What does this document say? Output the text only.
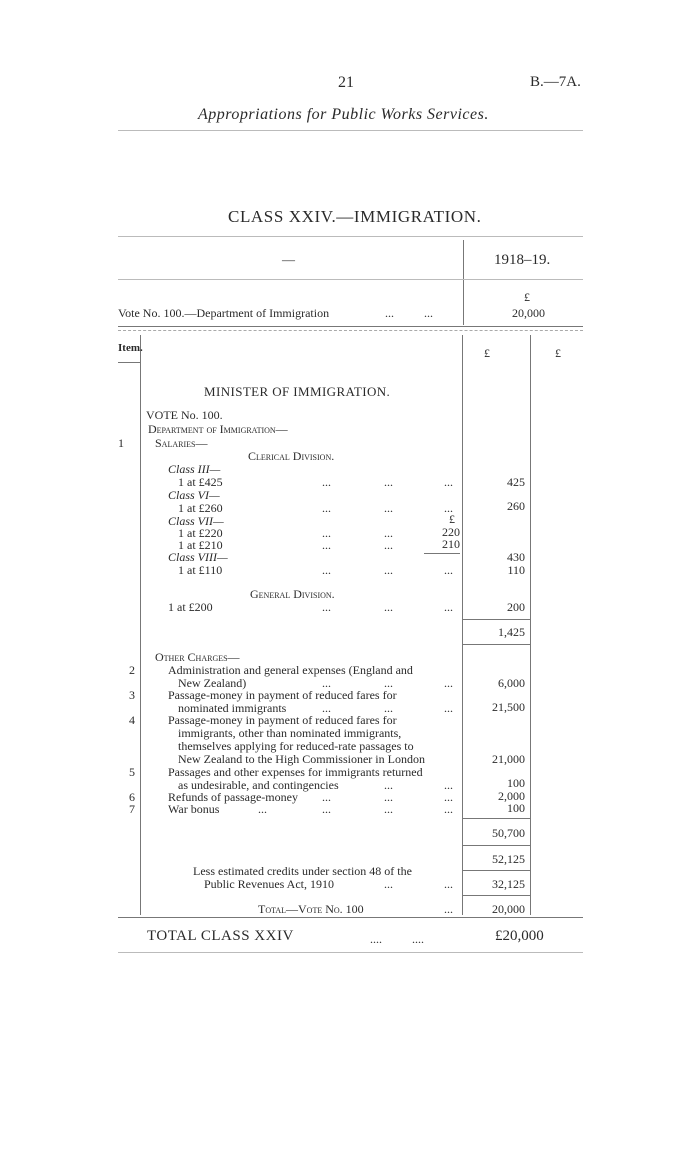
21	B.—7A.
Appropriations for Public Works Services.
CLASS XXIV.—IMMIGRATION.
—	1918–19.
£
Vote No. 100.—Department of Immigration	...          ...	20,000
Item.	£	£
MINISTER OF IMMIGRATION.
VOTE No. 100.
Department of Immigration—
1	Salaries—
Clerical Division.
Class III—
1 at £425	...	...	...	425
Class VI—
1 at £260	...	...	...	260
Class VII—	£
1 at £220	...	...	220
1 at £210	...	...	210
Class VIII—	430
1 at £110	...	...	...	110
General Division.
1 at £200	...	...	...	200
1,425
Other Charges—
2	Administration and general expenses (England and
New Zealand)	...	...	...	6,000
3	Passage-money in payment of reduced fares for
nominated immigrants	...	...	...	21,500
4	Passage-money in payment of reduced fares for
immigrants, other than nominated immigrants,
themselves applying for reduced-rate passages to
New Zealand to the High Commissioner in London	21,000
5	Passages and other expenses for immigrants returned
as undesirable, and contingencies	...	...	100
6	Refunds of passage-money ...	...	...	2,000
7	War bonus	...	...	...	...	100
50,700
52,125
Less estimated credits under section 48 of the
Public Revenues Act, 1910	...	...	32,125
Total—Vote No. 100	...	20,000
TOTAL CLASS XXIV	....          ....	£20,000
